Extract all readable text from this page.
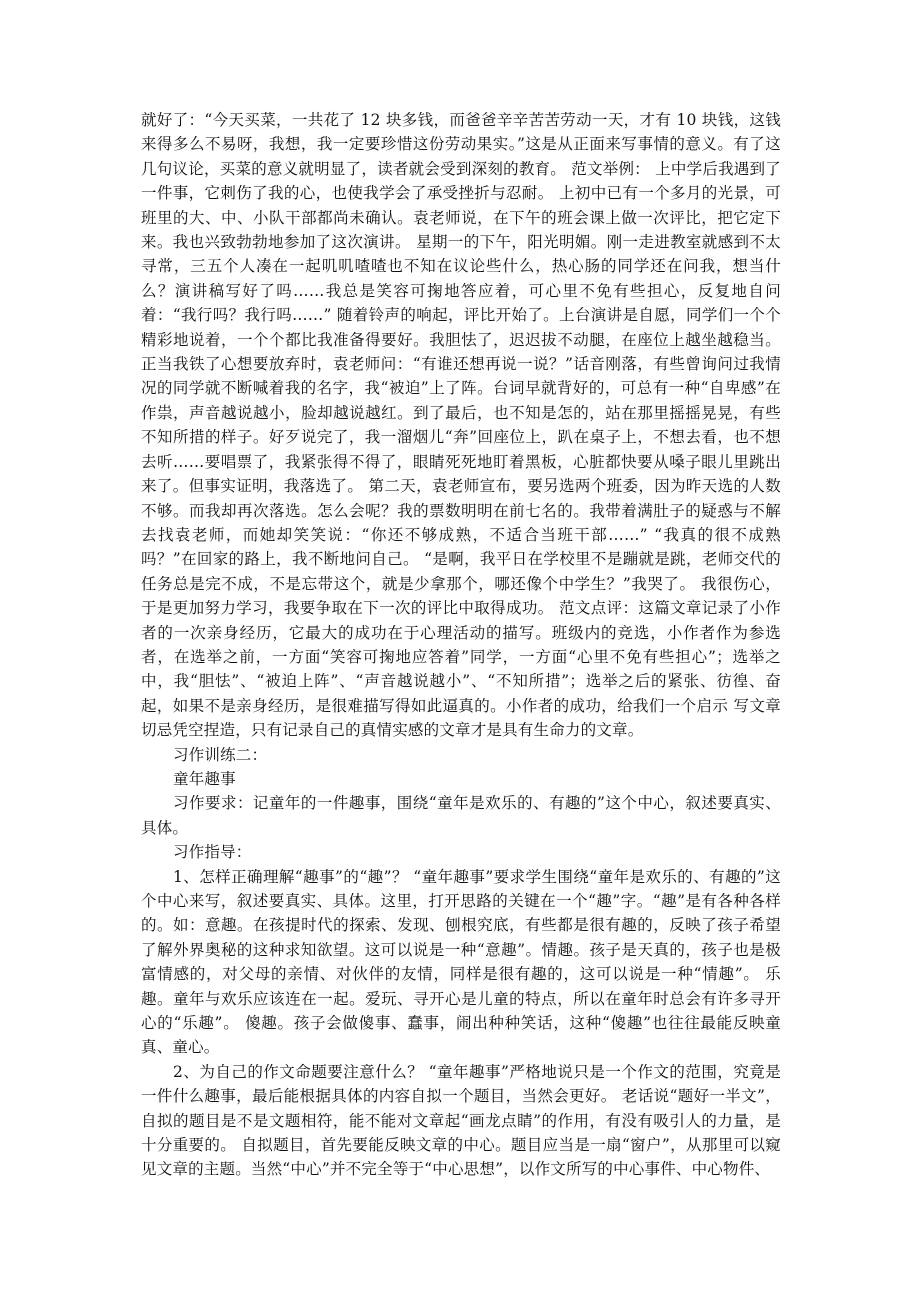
就好了：“今天买菜，一共花了 12 块多钱，而爸爸辛辛苦苦劳动一天，才有 10 块钱，这钱来得多么不易呀，我想，我一定要珍惜这份劳动果实。”这是从正面来写事情的意义。有了这几句议论，买菜的意义就明显了，读者就会受到深刻的教育。 范文举例： 上中学后我遇到了一件事，它刺伤了我的心，也使我学会了承受挫折与忍耐。 上初中已有一个多月的光景，可班里的大、中、小队干部都尚未确认。袁老师说，在下午的班会课上做一次评比，把它定下来。我也兴致勃勃地参加了这次演讲。 星期一的下午，阳光明媚。刚一走进教室就感到不太寻常，三五个人凑在一起叽叽喳喳也不知在议论些什么，热心肠的同学还在问我，想当什么？演讲稿写好了吗……我总是笑容可掬地答应着，可心里不免有些担心，反复地自问着：“我行吗？我行吗……” 随着铃声的响起，评比开始了。上台演讲是自愿，同学们一个个精彩地说着，一个个都比我准备得要好。我胆怯了，迟迟拔不动腿，在座位上越坐越稳当。正当我铁了心想要放弃时，袁老师问：“有谁还想再说一说？”话音刚落，有些曾询问过我情况的同学就不断喊着我的名字，我“被迫”上了阵。台词早就背好的，可总有一种“自卑感”在作祟，声音越说越小，脸却越说越红。到了最后，也不知是怎的，站在那里摇摇晃晃，有些不知所措的样子。好歹说完了，我一溜烟儿“奔”回座位上，趴在桌子上，不想去看，也不想去听……要唱票了，我紧张得不得了，眼睛死死地盯着黑板，心脏都快要从嗓子眼儿里跳出来了。但事实证明，我落选了。 第二天，袁老师宣布，要另选两个班委，因为昨天选的人数不够。而我却再次落选。怎么会呢？我的票数明明在前七名的。我带着满肚子的疑惑与不解去找袁老师，而她却笑笑说：“你还不够成熟，不适合当班干部……” “我真的很不成熟吗？”在回家的路上，我不断地问自己。 “是啊，我平日在学校里不是蹦就是跳，老师交代的任务总是完不成，不是忘带这个，就是少拿那个，哪还像个中学生？”我哭了。 我很伤心，于是更加努力学习，我要争取在下一次的评比中取得成功。 范文点评：这篇文章记录了小作者的一次亲身经历，它最大的成功在于心理活动的描写。班级内的竞选，小作者作为参选者，在选举之前，一方面“笑容可掬地应答着”同学，一方面“心里不免有些担心”；选举之中，我“胆怯”、“被迫上阵”、“声音越说越小”、“不知所措”；选举之后的紧张、彷徨、奋起，如果不是亲身经历，是很难描写得如此逼真的。小作者的成功，给我们一个启示 写文章切忌凭空捏造，只有记录自己的真情实感的文章才是具有生命力的文章。

习作训练二：

童年趣事

习作要求：记童年的一件趣事，围绕“童年是欢乐的、有趣的”这个中心，叙述要真实、具体。

习作指导：

1、怎样正确理解“趣事”的“趣”？ “童年趣事”要求学生围绕“童年是欢乐的、有趣的”这个中心来写，叙述要真实、具体。这里，打开思路的关键在一个“趣”字。“趣”是有各种各样的。如：意趣。在孩提时代的探索、发现、刨根究底，有些都是很有趣的，反映了孩子希望了解外界奥秘的这种求知欲望。这可以说是一种“意趣”。情趣。孩子是天真的，孩子也是极富情感的，对父母的亲情、对伙伴的友情，同样是很有趣的，这可以说是一种“情趣”。 乐趣。童年与欢乐应该连在一起。爱玩、寻开心是儿童的特点，所以在童年时总会有许多寻开心的“乐趣”。 傻趣。孩子会做傻事、蠢事，闹出种种笑话，这种“傻趣”也往往最能反映童真、童心。

2、为自己的作文命题要注意什么？ “童年趣事”严格地说只是一个作文的范围，究竟是一件什么趣事，最后能根据具体的内容自拟一个题目，当然会更好。 老话说“题好一半文”，自拟的题目是不是文题相符，能不能对文章起“画龙点睛”的作用，有没有吸引人的力量，是十分重要的。 自拟题目，首先要能反映文章的中心。题目应当是一扇“窗户”，从那里可以窥见文章的主题。当然“中心”并不完全等于“中心思想”，以作文所写的中心事件、中心物件、
